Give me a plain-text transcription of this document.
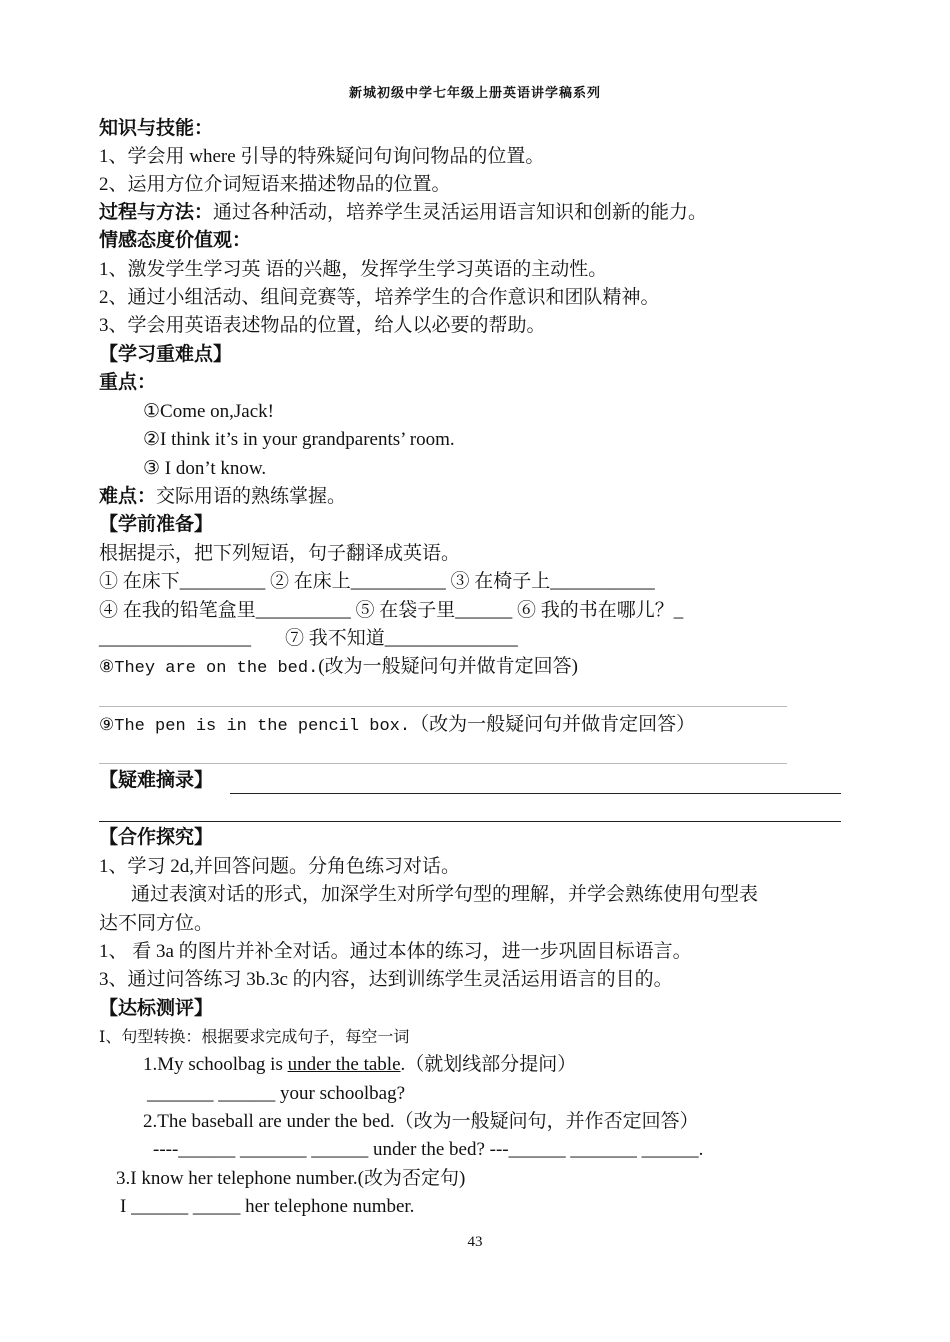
新城初级中学七年级上册英语讲学稿系列
知识与技能：
1、学会用 where 引导的特殊疑问句询问物品的位置。
2、运用方位介词短语来描述物品的位置。
过程与方法：通过各种活动，培养学生灵活运用语言知识和创新的能力。
情感态度价值观：
1、激发学生学习英 语的兴趣，发挥学生学习英语的主动性。
2、通过小组活动、组间竞赛等，培养学生的合作意识和团队精神。
3、学会用英语表述物品的位置，给人以必要的帮助。
【学习重难点】
重点：
①Come on,Jack!
②I think it’s in your grandparents’ room.
③ I don’t know.
难点：交际用语的熟练掌握。
【学前准备】
根据提示，把下列短语，句子翻译成英语。
① 在床下_________ ② 在床上__________ ③ 在椅子上___________
④ 在我的铅笔盒里__________ ⑤ 在袋子里______ ⑥ 我的书在哪儿？_
________________ ⑦ 我不知道______________
⑧They are on the bed.(改为一般疑问句并做肯定回答)
⑨The pen is in the pencil box.（改为一般疑问句并做肯定回答）
【疑难摘录】
【合作探究】
1、学习 2d,并回答问题。分角色练习对话。
通过表演对话的形式，加深学生对所学句型的理解，并学会熟练使用句型表
达不同方位。
1、 看 3a 的图片并补全对话。通过本体的练习，进一步巩固目标语言。
3、通过问答练习 3b.3c 的内容，达到训练学生灵活运用语言的目的。
【达标测评】
Ⅰ、句型转换：根据要求完成句子，每空一词
1.My schoolbag is under the table.（就划线部分提问）
_______ ______ your schoolbag?
2.The baseball are under the bed.（改为一般疑问句，并作否定回答）
----______ _______ ______ under the bed? ---______ _______ ______.
3.I know her telephone number.(改为否定句)
I ______ _____ her telephone number.
43
